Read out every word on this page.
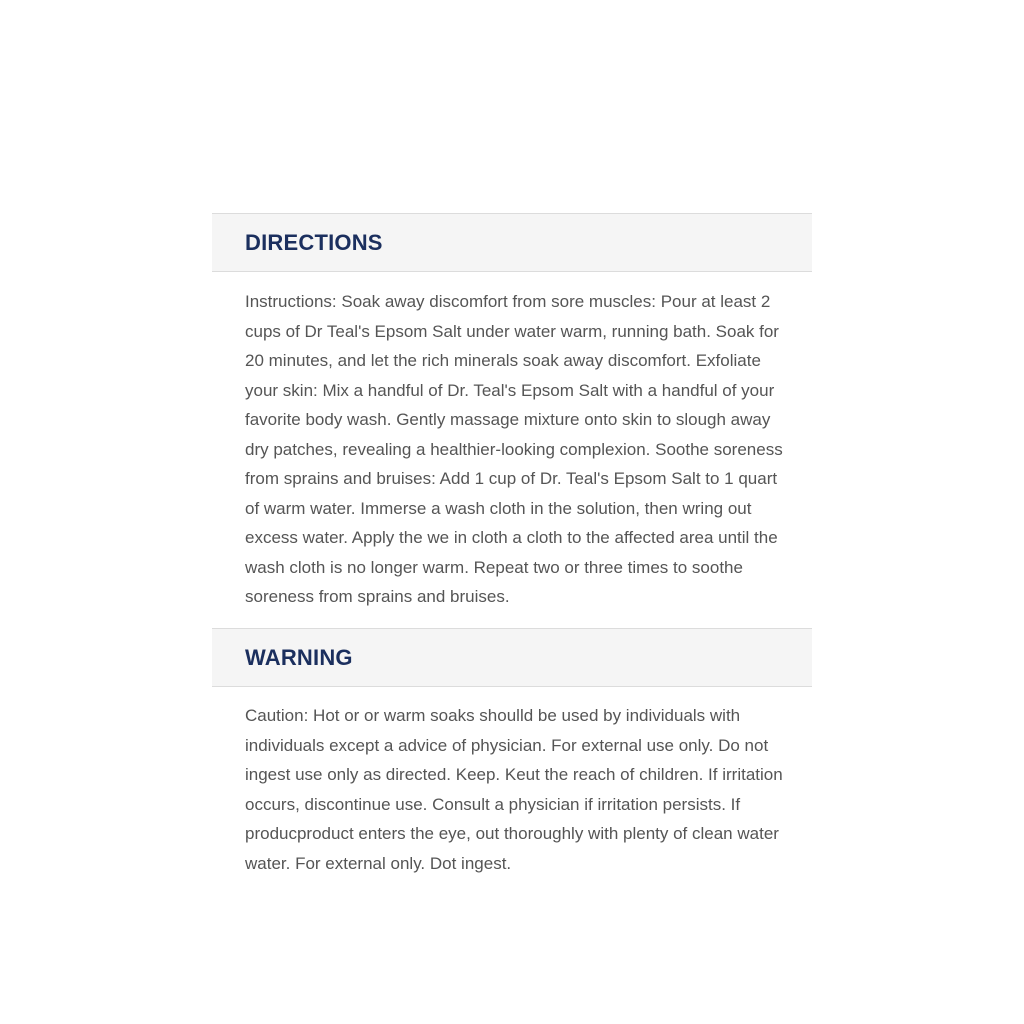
DIRECTIONS

Instructions: Soak away discomfort from sore muscles: Pour at least 2 cups of Dr Teal's Epsom Salt under water warm, running bath. Soak for 20 minutes, and let the rich minerals soak away discomfort. Exfoliate your skin: Mix a handful of Dr. Teal's Epsom Salt with a handful of your favorite body wash. Gently massage mixture onto skin to slough away dry patches, revealing a healthier-looking complexion. Soothe soreness from sprains and bruises: Add 1 cup of Dr. Teal's Epsom Salt to 1 quart of warm water. Immerse a wash cloth in the solution, then wring out excess water. Apply the we in cloth a cloth to the affected area until the wash cloth is no longer warm. Repeat two or three times to soothe soreness from sprains and bruises.

WARNING

Caution: Hot or or warm soaks shoulld be used by individuals with individuals except a advice of physician. For external use only. Do not ingest use only as directed. Keep. Keut the reach of children. If irritation occurs, discontinue use. Consult a physician if irritation persists. If producproduct enters the eye, out thoroughly with plenty of clean water water. For external only. Dot ingest.
